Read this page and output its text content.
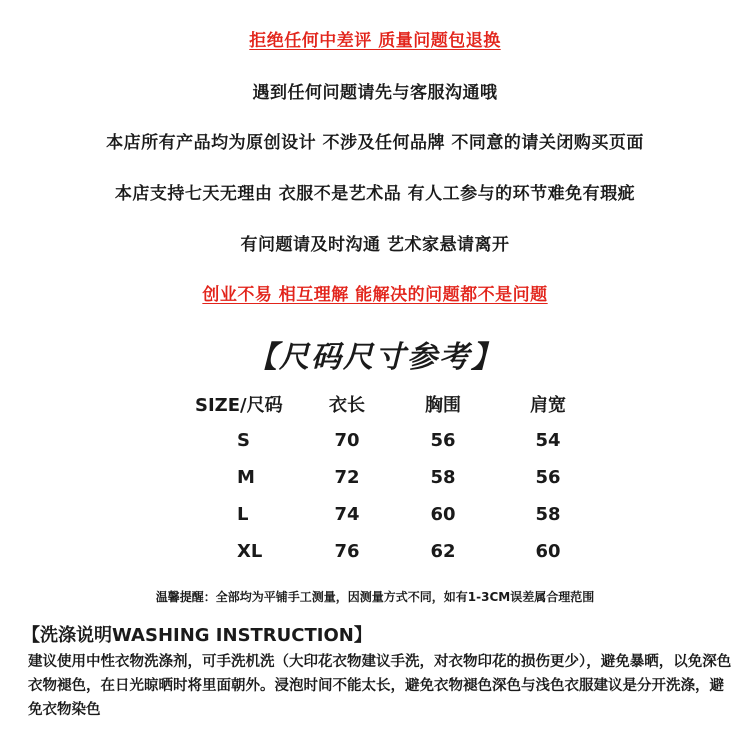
拒绝任何中差评 质量问题包退换
遇到任何问题请先与客服沟通哦
本店所有产品均为原创设计 不涉及任何品牌 不同意的请关闭购买页面
本店支持七天无理由 衣服不是艺术品 有人工参与的环节难免有瑕疵
有问题请及时沟通 艺术家悬请离开
创业不易 相互理解 能解决的问题都不是问题
【尺码尺寸参考】
SIZE/尺码	衣长	胸围	肩宽
S	70	56	54
M	72	58	56
L	74	60	58
XL	76	62	60
温馨提醒：全部均为平铺手工测量，因测量方式不同，如有1-3CM误差属合理范围
【洗涤说明WASHING INSTRUCTION】

建议使用中性衣物洗涤剂，可手洗机洗（大印花衣物建议手洗，对衣物印花的损伤更少），避免暴晒，以免深色衣物褪色，在日光晾晒时将里面朝外。浸泡时间不能太长，避免衣物褪色深色与浅色衣服建议是分开洗涤，避免衣物染色
